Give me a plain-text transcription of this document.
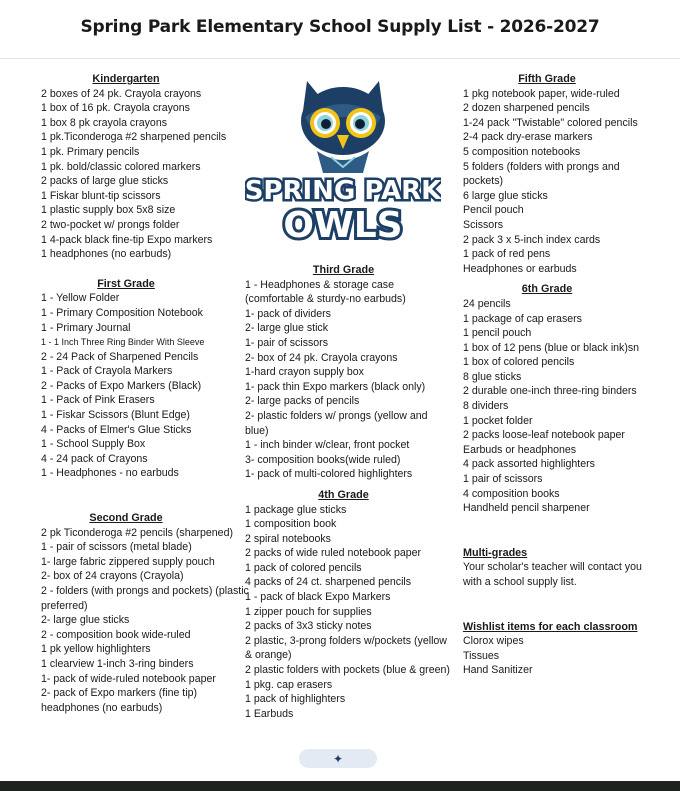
Spring Park Elementary School Supply List - 2026-2027
Kindergarten
2 boxes of 24 pk. Crayola crayons
1 box of 16 pk. Crayola crayons
1 box 8 pk crayola crayons
1 pk.Ticonderoga #2 sharpened pencils
1 pk. Primary pencils
1 pk. bold/classic colored markers
2 packs of large glue sticks
1 Fiskar blunt-tip scissors
1 plastic supply box 5x8 size
2 two-pocket w/ prongs folder
1 4-pack black fine-tip Expo markers
1 headphones (no earbuds)
First Grade
1 - Yellow Folder
1 - Primary Composition Notebook
1 - Primary Journal
1 - 1 Inch Three Ring Binder With Sleeve
2 - 24 Pack of Sharpened Pencils
1 - Pack of Crayola Markers
2 - Packs of Expo Markers (Black)
1 - Pack of Pink Erasers
1 - Fiskar Scissors (Blunt Edge)
4 - Packs of Elmer's Glue Sticks
1 - School Supply Box
4 - 24 pack of Crayons
1 - Headphones - no earbuds
Second Grade
2 pk Ticonderoga #2 pencils (sharpened)
1 - pair of scissors (metal blade)
1- large fabric zippered supply pouch
2- box of 24 crayons (Crayola)
2 - folders (with prongs and pockets) (plastic preferred)
2- large glue sticks
2 - composition book wide-ruled
1 pk yellow highlighters
1 clearview 1-inch 3-ring binders
1- pack of wide-ruled notebook paper
2- pack of Expo markers (fine tip)
headphones (no earbuds)
SPRING PARK
OWLS
Third Grade
1 - Headphones & storage case (comfortable & sturdy-no earbuds)
1- pack of dividers
2- large glue stick
1- pair of scissors
2- box of 24 pk. Crayola crayons
1-hard crayon supply box
1- pack thin Expo markers (black only)
2- large packs of pencils
2- plastic folders w/ prongs (yellow and blue)
1 - inch binder w/clear, front pocket
3- composition books(wide ruled)
1- pack of multi-colored highlighters
4th Grade
1 package glue sticks
1 composition book
2 spiral notebooks
2 packs of wide ruled notebook paper
1 pack of colored pencils
4 packs of 24 ct. sharpened pencils
1 - pack of black Expo Markers
1 zipper pouch for supplies
2 packs of 3x3 sticky notes
2 plastic, 3-prong folders w/pockets (yellow & orange)
2 plastic folders with pockets (blue & green)
1 pkg. cap erasers
1 pack of highlighters
1 Earbuds
Fifth Grade
1 pkg notebook paper, wide-ruled
2 dozen sharpened pencils
1-24 pack "Twistable" colored pencils
2-4 pack dry-erase markers
5 composition notebooks
5 folders (folders with prongs and pockets)
6 large glue sticks
Pencil pouch
Scissors
2 pack 3 x 5-inch index cards
1 pack of red pens
Headphones or earbuds
6th Grade
24 pencils
1 package of cap erasers
1 pencil pouch
1 box of 12 pens (blue or black ink)sn
1 box of colored pencils
8 glue sticks
2 durable one-inch three-ring binders
8 dividers
1 pocket folder
2 packs loose-leaf notebook paper
Earbuds or headphones
4 pack assorted highlighters
1 pair of scissors
4 composition books
Handheld pencil sharpener
Multi-grades
Your scholar's teacher will contact you with a school supply list.
Wishlist items for each classroom
Clorox wipes
Tissues
Hand Sanitizer
✦
